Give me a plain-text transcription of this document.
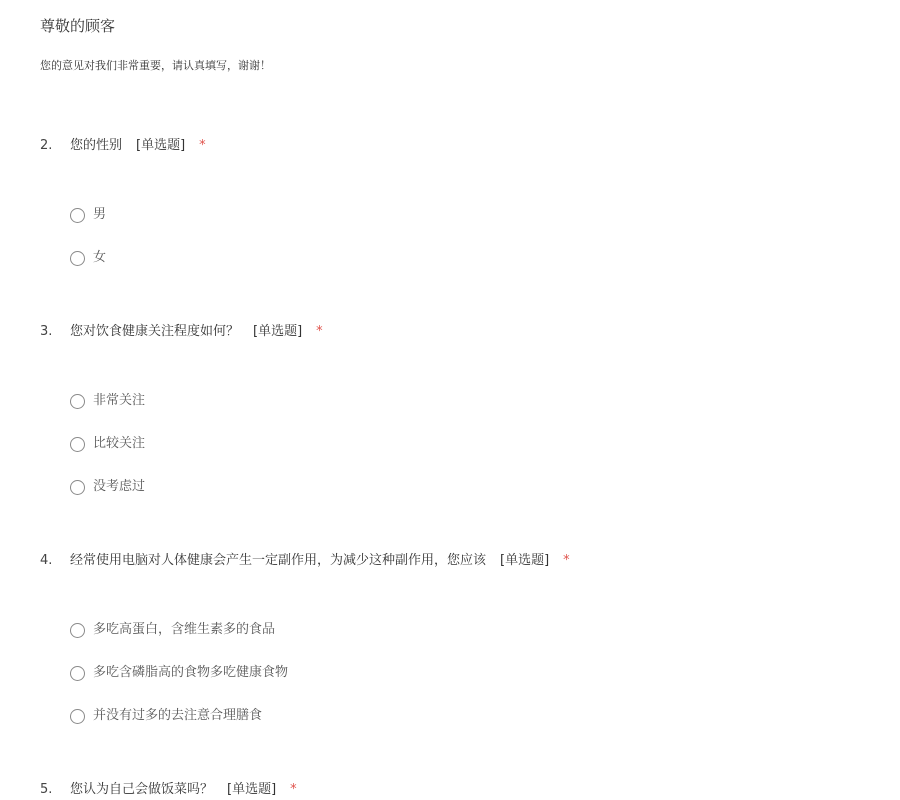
尊敬的顾客

您的意见对我们非常重要，请认真填写，谢谢！

2. 您的性别 [单选题] *
男
女
3. 您对饮食健康关注程度如何？ [单选题] *
非常关注
比较关注
没考虑过
4. 经常使用电脑对人体健康会产生一定副作用，为减少这种副作用，您应该 [单选题] *
多吃高蛋白，含维生素多的食品
多吃含磷脂高的食物多吃健康食物
并没有过多的去注意合理膳食
5. 您认为自己会做饭菜吗？ [单选题] *
